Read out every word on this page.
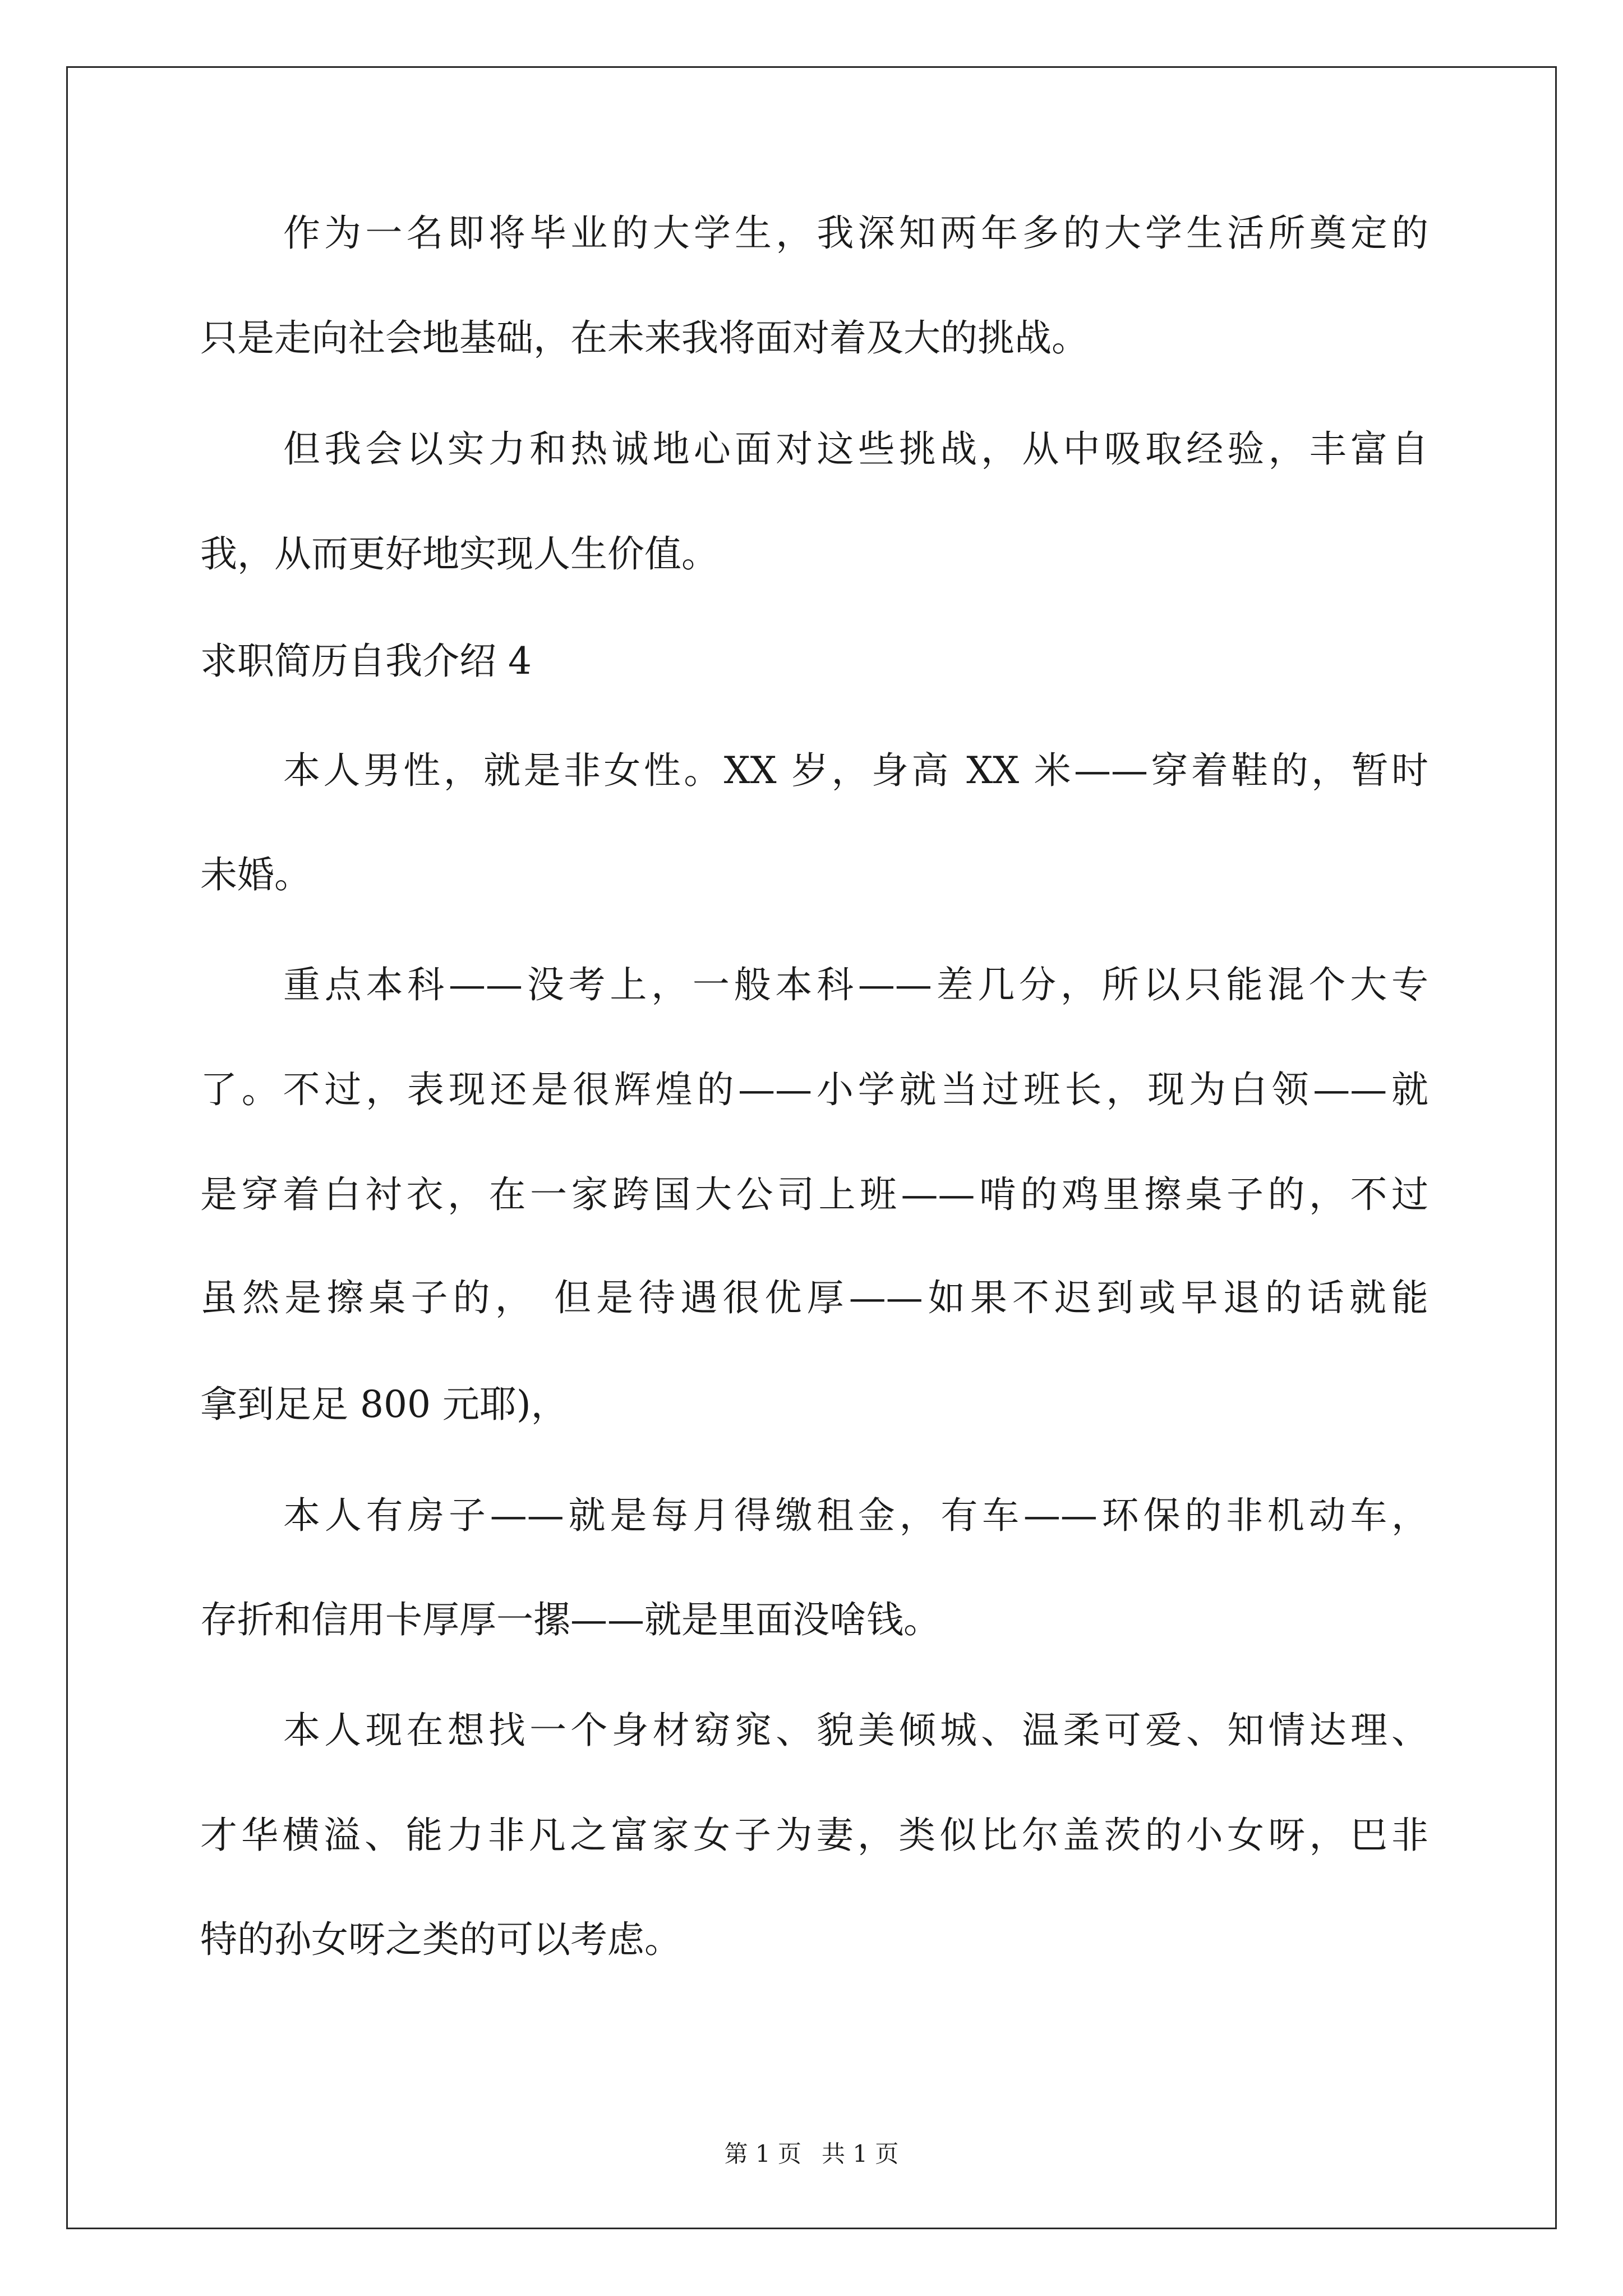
作为一名即将毕业的大学生，我深知两年多的大学生活所奠定的
只是走向社会地基础，在未来我将面对着及大的挑战。
但我会以实力和热诚地心面对这些挑战，从中吸取经验，丰富自
我，从而更好地实现人生价值。
求职简历自我介绍 4
本人男性，就是非女性。XX 岁，身高 XX 米——穿着鞋的，暂时
未婚。
重点本科——没考上，一般本科——差几分，所以只能混个大专
了。不过，表现还是很辉煌的——小学就当过班长，现为白领——就
是穿着白衬衣，在一家跨国大公司上班——啃的鸡里擦桌子的，不过
虽然是擦桌子的， 但是待遇很优厚——如果不迟到或早退的话就能
拿到足足 800 元耶)，
本人有房子——就是每月得缴租金，有车——环保的非机动车，
存折和信用卡厚厚一摞——就是里面没啥钱。
本人现在想找一个身材窈窕、貌美倾城、温柔可爱、知情达理、
才华横溢、能力非凡之富家女子为妻，类似比尔盖茨的小女呀，巴非
特的孙女呀之类的可以考虑。
第 1 页 共 1 页
